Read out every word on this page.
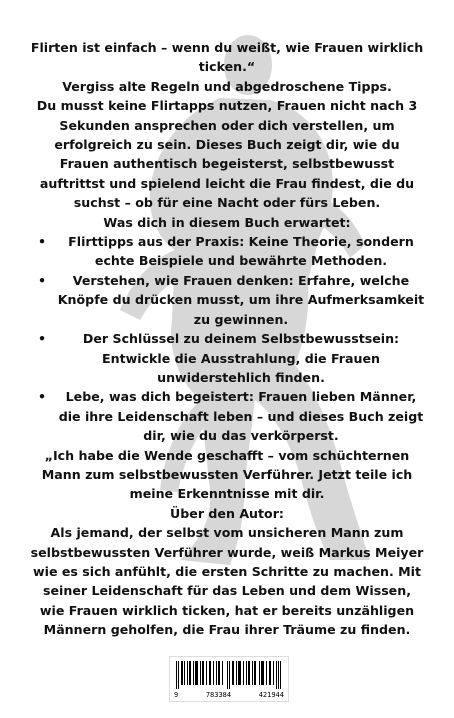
Flirten ist einfach – wenn du weißt, wie Frauen wirklich
ticken.“
Vergiss alte Regeln und abgedroschene Tipps.
Du musst keine Flirtapps nutzen, Frauen nicht nach 3
Sekunden ansprechen oder dich verstellen, um
erfolgreich zu sein. Dieses Buch zeigt dir, wie du
Frauen authentisch begeisterst, selbstbewusst
auftrittst und spielend leicht die Frau findest, die du
suchst – ob für eine Nacht oder fürs Leben.
Was dich in diesem Buch erwartet:
•	Flirttipps aus der Praxis: Keine Theorie, sondern
echte Beispiele und bewährte Methoden.
•	Verstehen, wie Frauen denken: Erfahre, welche
Knöpfe du drücken musst, um ihre Aufmerksamkeit
zu gewinnen.
•	Der Schlüssel zu deinem Selbstbewusstsein:
Entwickle die Ausstrahlung, die Frauen
unwiderstehlich finden.
•	Lebe, was dich begeistert: Frauen lieben Männer,
die ihre Leidenschaft leben – und dieses Buch zeigt
dir, wie du das verkörperst.
„Ich habe die Wende geschafft – vom schüchternen
Mann zum selbstbewussten Verführer. Jetzt teile ich
meine Erkenntnisse mit dir.
Über den Autor:
Als jemand, der selbst vom unsicheren Mann zum
selbstbewussten Verführer wurde, weiß Markus Meiyer
wie es sich anfühlt, die ersten Schritte zu machen. Mit
seiner Leidenschaft für das Leben und dem Wissen,
wie Frauen wirklich ticken, hat er bereits unzähligen
Männern geholfen, die Frau ihrer Träume zu finden.
9	783384	421944
